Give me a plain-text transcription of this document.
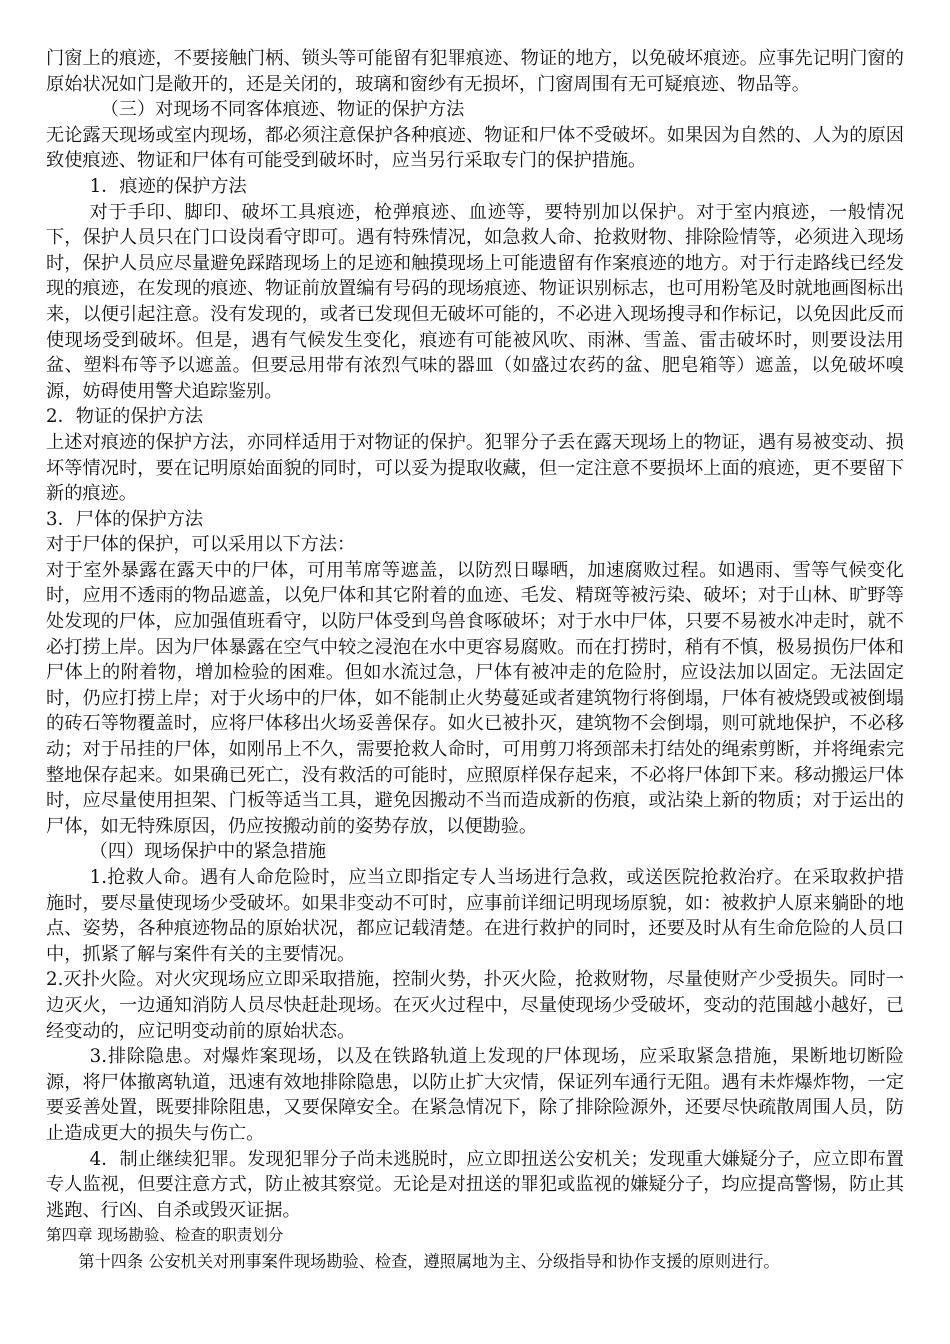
门窗上的痕迹，不要接触门柄、锁头等可能留有犯罪痕迹、物证的地方，以免破坏痕迹。应事先记明门窗的原始状况如门是敞开的，还是关闭的，玻璃和窗纱有无损坏，门窗周围有无可疑痕迹、物品等。

（三）对现场不同客体痕迹、物证的保护方法

无论露天现场或室内现场，都必须注意保护各种痕迹、物证和尸体不受破坏。如果因为自然的、人为的原因致使痕迹、物证和尸体有可能受到破坏时，应当另行采取专门的保护措施。

1．痕迹的保护方法

对于手印、脚印、破坏工具痕迹，枪弹痕迹、血迹等，要特别加以保护。对于室内痕迹，一般情况下，保护人员只在门口设岗看守即可。遇有特殊情况，如急救人命、抢救财物、排除险情等，必须进入现场时，保护人员应尽量避免踩踏现场上的足迹和触摸现场上可能遗留有作案痕迹的地方。对于行走路线已经发现的痕迹，在发现的痕迹、物证前放置编有号码的现场痕迹、物证识别标志，也可用粉笔及时就地画图标出来，以便引起注意。没有发现的，或者已发现但无破坏可能的，不必进入现场搜寻和作标记，以免因此反而使现场受到破坏。但是，遇有气候发生变化，痕迹有可能被风吹、雨淋、雪盖、雷击破坏时，则要设法用盆、塑料布等予以遮盖。但要忌用带有浓烈气味的器皿（如盛过农药的盆、肥皂箱等）遮盖，以免破坏嗅源，妨碍使用警犬追踪鉴别。

2．物证的保护方法

上述对痕迹的保护方法，亦同样适用于对物证的保护。犯罪分子丢在露天现场上的物证，遇有易被变动、损坏等情况时，要在记明原始面貌的同时，可以妥为提取收藏，但一定注意不要损坏上面的痕迹，更不要留下新的痕迹。

3．尸体的保护方法

对于尸体的保护，可以采用以下方法：

对于室外暴露在露天中的尸体，可用苇席等遮盖，以防烈日曝晒，加速腐败过程。如遇雨、雪等气候变化时，应用不透雨的物品遮盖，以免尸体和其它附着的血迹、毛发、精斑等被污染、破坏；对于山林、旷野等处发现的尸体，应加强值班看守，以防尸体受到鸟兽食啄破坏；对于水中尸体，只要不易被水冲走时，就不必打捞上岸。因为尸体暴露在空气中较之浸泡在水中更容易腐败。而在打捞时，稍有不慎，极易损伤尸体和尸体上的附着物，增加检验的困难。但如水流过急，尸体有被冲走的危险肘，应设法加以固定。无法固定时，仍应打捞上岸；对于火场中的尸体，如不能制止火势蔓延或者建筑物行将倒塌，尸体有被烧毁或被倒塌的砖石等物覆盖时，应将尸体移出火场妥善保存。如火已被扑灭，建筑物不会倒塌，则可就地保护，不必移动；对于吊挂的尸体，如刚吊上不久，需要抢救人命时，可用剪刀将颈部未打结处的绳索剪断，并将绳索完整地保存起来。如果确已死亡，没有救活的可能时，应照原样保存起来，不必将尸体卸下来。移动搬运尸体时，应尽量使用担架、门板等适当工具，避免因搬动不当而造成新的伤痕，或沾染上新的物质；对于运出的尸体，如无特殊原因，仍应按搬动前的姿势存放，以便勘验。

（四）现场保护中的紧急措施

1.抢救人命。遇有人命危险时，应当立即指定专人当场进行急救，或送医院抢救治疗。在采取救护措施时，要尽量使现场少受破坏。如果非变动不可时，应事前详细记明现场原貌，如：被救护人原来躺卧的地点、姿势，各种痕迹物品的原始状况，都应记载清楚。在进行救护的同时，还要及时从有生命危险的人员口中，抓紧了解与案件有关的主要情况。

2.灭扑火险。对火灾现场应立即采取措施，控制火势，扑灭火险，抢救财物，尽量使财产少受损失。同时一边灭火，一边通知消防人员尽快赶赴现场。在灭火过程中，尽量使现场少受破坏，变动的范围越小越好，已经变动的，应记明变动前的原始状态。

3.排除隐患。对爆炸案现场，以及在铁路轨道上发现的尸体现场，应采取紧急措施，果断地切断险源，将尸体撤离轨道，迅速有效地排除隐患，以防止扩大灾情，保证列车通行无阻。遇有未炸爆炸物，一定要妥善处置，既要排除阻患，又要保障安全。在紧急情况下，除了排除险源外，还要尽快疏散周围人员，防止造成更大的损失与伤亡。

4．制止继续犯罪。发现犯罪分子尚未逃脱时，应立即扭送公安机关；发现重大嫌疑分子，应立即布置专人监视，但要注意方式，防止被其察觉。无论是对扭送的罪犯或监视的嫌疑分子，均应提高警惕，防止其逃跑、行凶、自杀或毁灭证据。

第四章 现场勘验、检查的职责划分

第十四条 公安机关对刑事案件现场勘验、检查，遵照属地为主、分级指导和协作支援的原则进行。
